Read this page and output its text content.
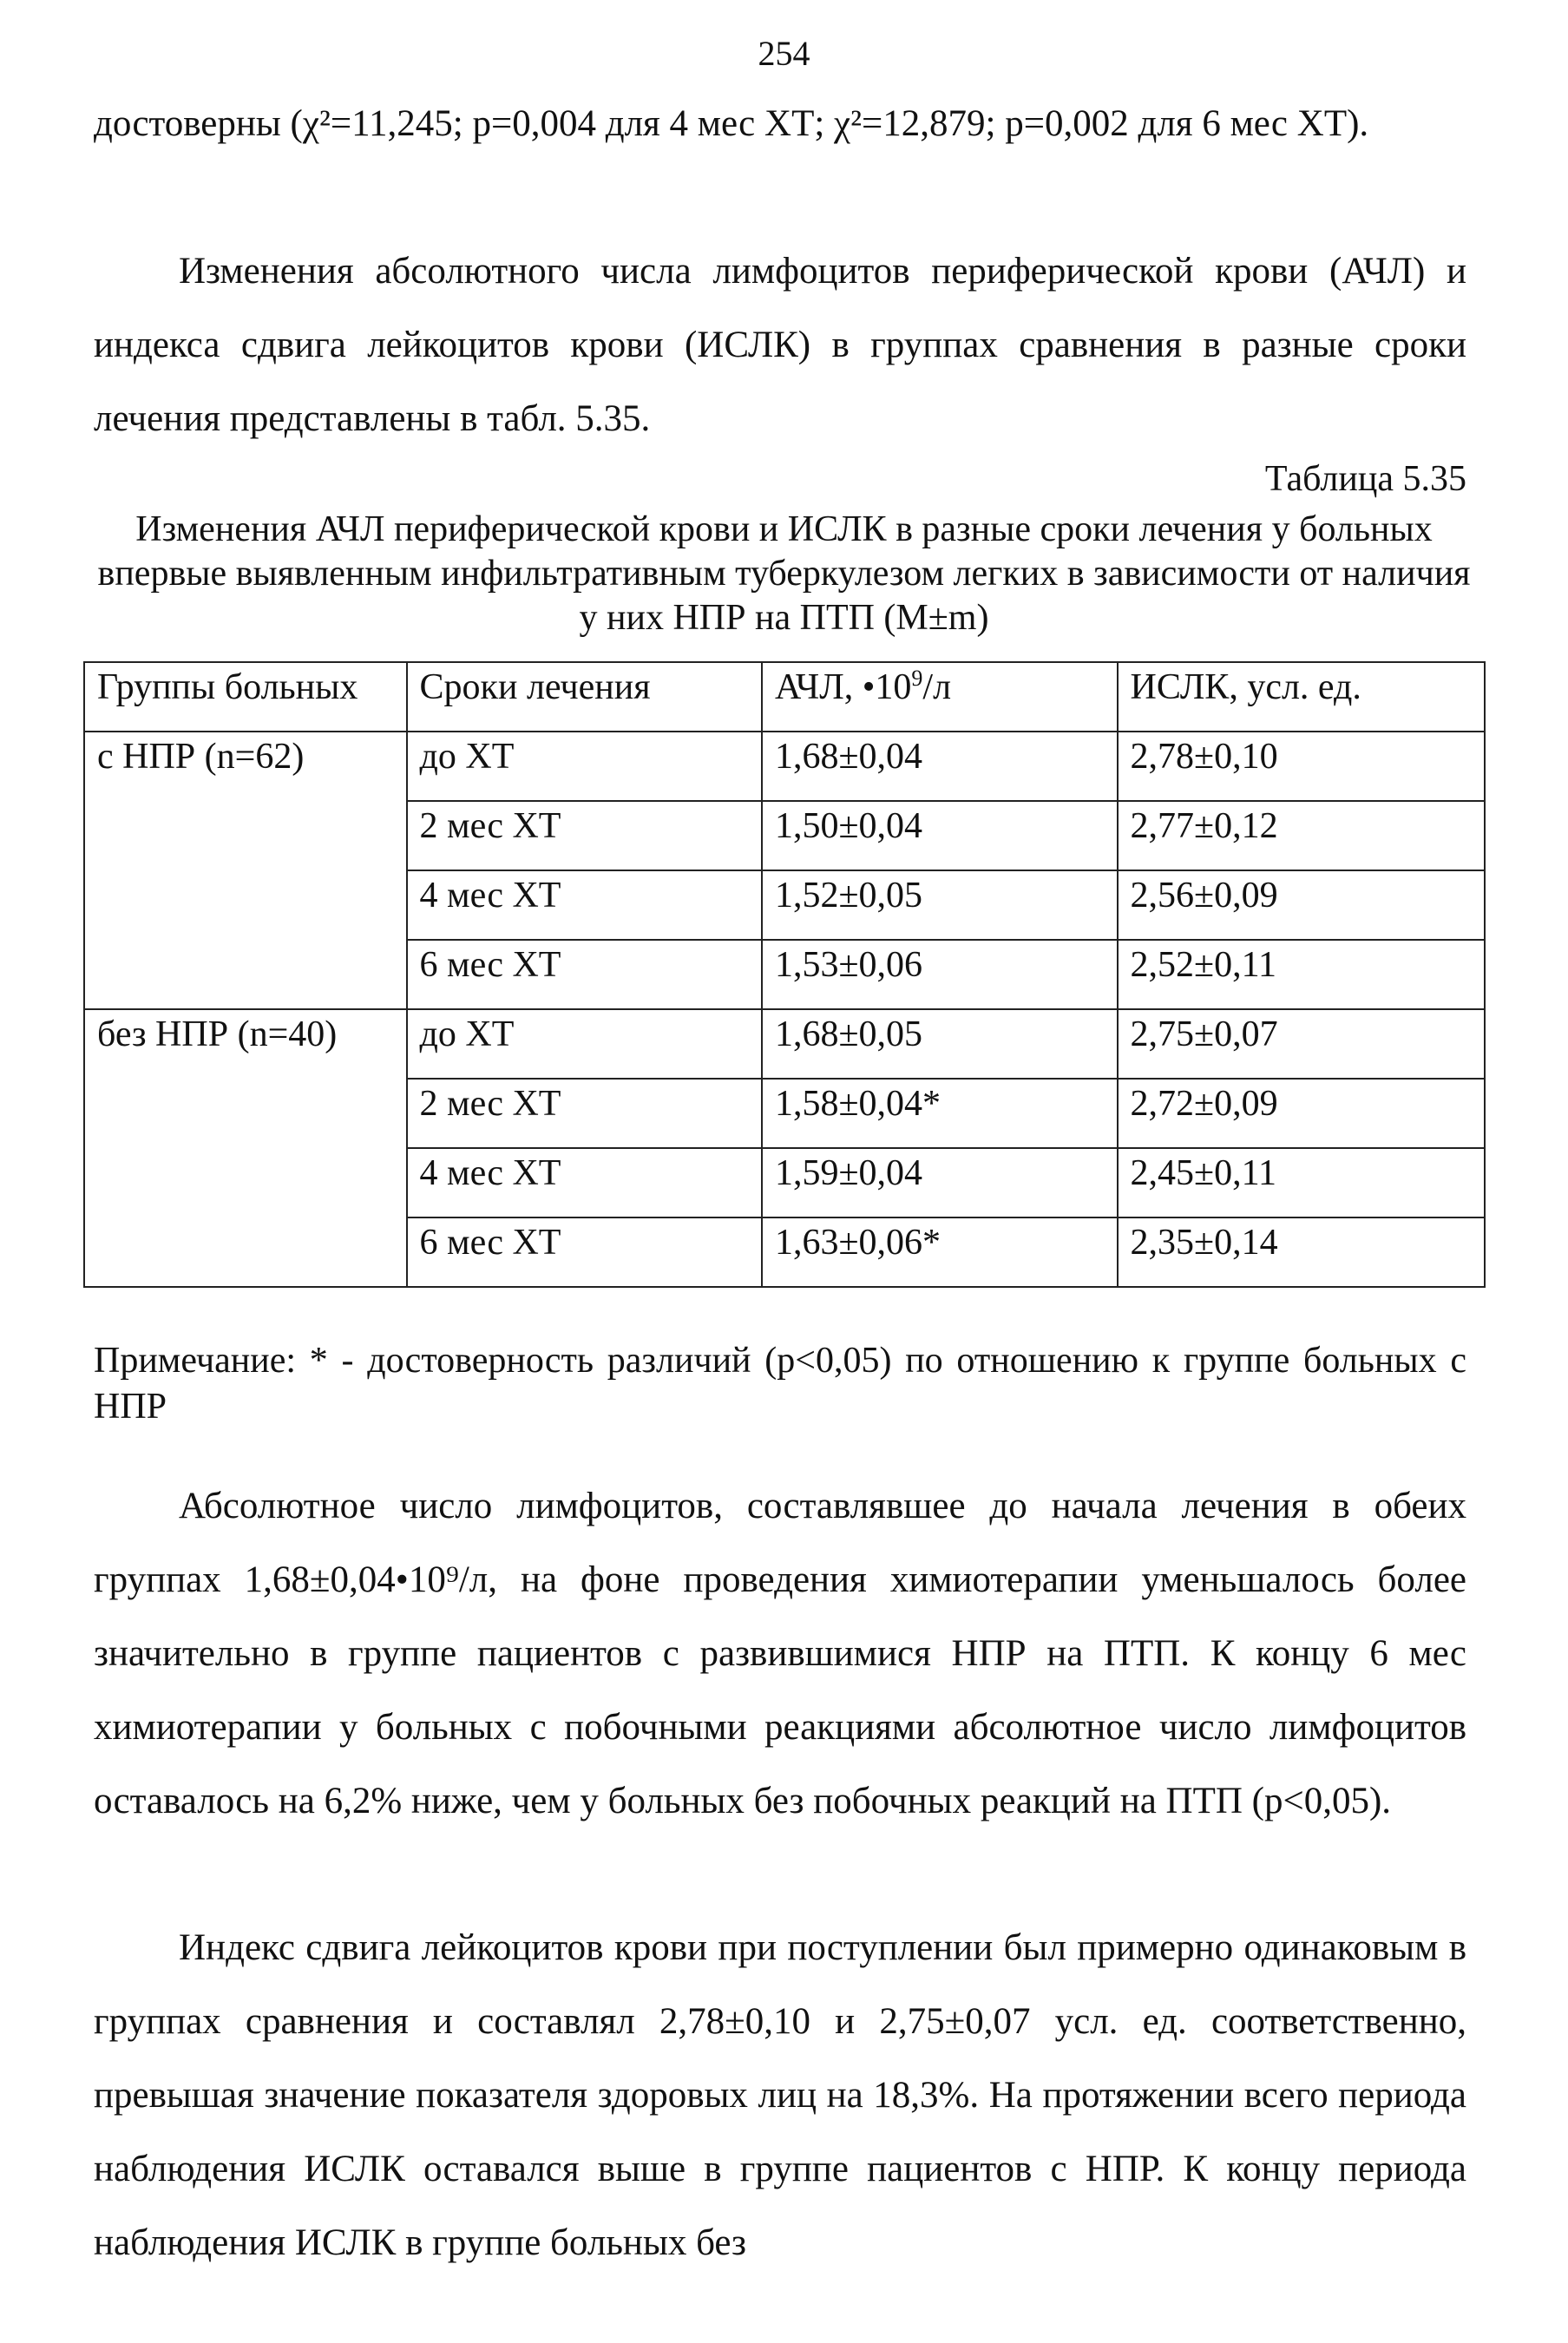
254

достоверны (χ²=11,245; р=0,004 для 4 мес ХТ; χ²=12,879; р=0,002 для 6 мес ХТ).

Изменения абсолютного числа лимфоцитов периферической крови (АЧЛ) и индекса сдвига лейкоцитов крови (ИСЛК) в группах сравнения в разные сроки лечения представлены в табл. 5.35.

Таблица 5.35

Изменения АЧЛ периферической крови и ИСЛК в разные сроки лечения у больных впервые выявленным инфильтративным туберкулезом легких в зависимости от наличия у них НПР на ПТП (М±m)

Группы больных	Сроки лечения	АЧЛ, $•10^9/л$	ИСЛК, усл. ед.
с НПР (n=62)	до ХТ	1,68±0,04	2,78±0,10
	2 мес ХТ	1,50±0,04	2,77±0,12
	4 мес ХТ	1,52±0,05	2,56±0,09
	6 мес ХТ	1,53±0,06	2,52±0,11
без НПР (n=40)	до ХТ	1,68±0,05	2,75±0,07
	2 мес ХТ	1,58±0,04*	2,72±0,09
	4 мес ХТ	1,59±0,04	2,45±0,11
	6 мес ХТ	1,63±0,06*	2,35±0,14

Примечание: * - достоверность различий (р<0,05) по отношению к группе больных с НПР

Абсолютное число лимфоцитов, составлявшее до начала лечения в обеих группах 1,68±0,04•10⁹/л, на фоне проведения химиотерапии уменьшалось более значительно в группе пациентов с развившимися НПР на ПТП. К концу 6 мес химиотерапии у больных с побочными реакциями абсолютное число лимфоцитов оставалось на 6,2% ниже, чем у больных без побочных реакций на ПТП (р<0,05).

Индекс сдвига лейкоцитов крови при поступлении был примерно одинаковым в группах сравнения и составлял 2,78±0,10 и 2,75±0,07 усл. ед. соответственно, превышая значение показателя здоровых лиц на 18,3%. На протяжении всего периода наблюдения ИСЛК оставался выше в группе пациентов с НПР. К концу периода наблюдения ИСЛК в группе больных без
